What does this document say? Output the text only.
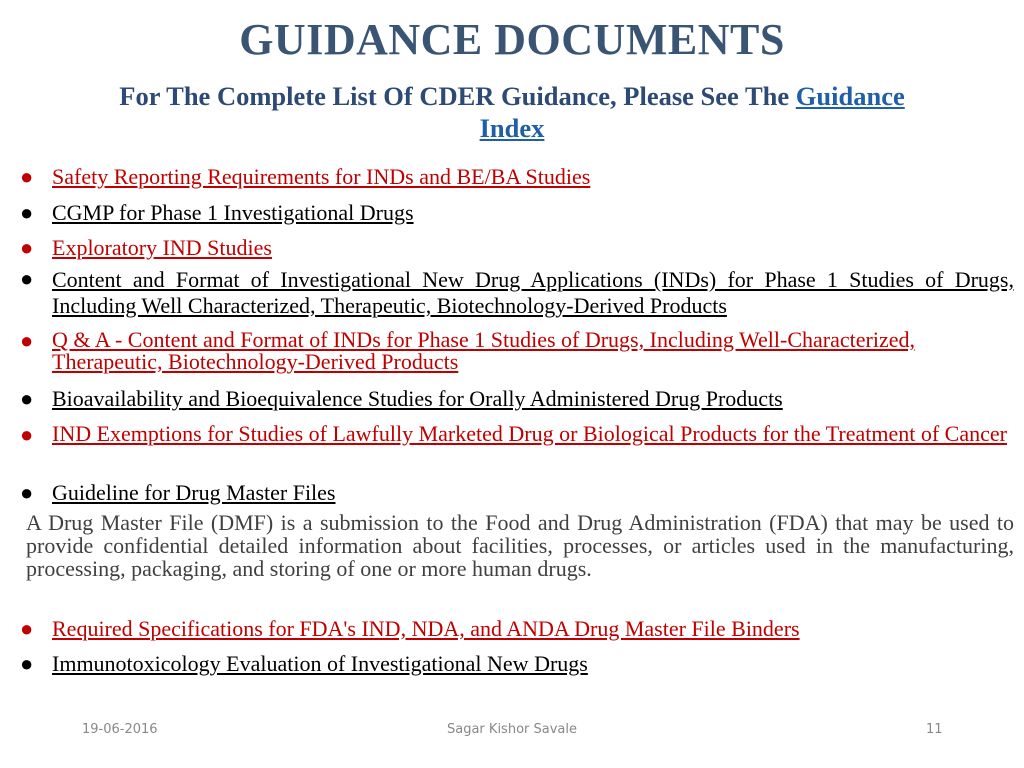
GUIDANCE DOCUMENTS
For The Complete List Of CDER Guidance, Please See The Guidance
Index
● Safety Reporting Requirements for INDs and BE/BA Studies
● CGMP for Phase 1 Investigational Drugs
● Exploratory IND Studies
● Content and Format of Investigational New Drug Applications (INDs) for Phase 1 Studies of Drugs, Including Well Characterized, Therapeutic, Biotechnology-Derived Products
● Q & A - Content and Format of INDs for Phase 1 Studies of Drugs, Including Well-Characterized, Therapeutic, Biotechnology-Derived Products
● Bioavailability and Bioequivalence Studies for Orally Administered Drug Products
● IND Exemptions for Studies of Lawfully Marketed Drug or Biological Products for the Treatment of Cancer
● Guideline for Drug Master Files
A Drug Master File (DMF) is a submission to the Food and Drug Administration (FDA) that may be used to provide confidential detailed information about facilities, processes, or articles used in the manufacturing, processing, packaging, and storing of one or more human drugs.
● Required Specifications for FDA's IND, NDA, and ANDA Drug Master File Binders
● Immunotoxicology Evaluation of Investigational New Drugs
19-06-2016	Sagar Kishor Savale	11
